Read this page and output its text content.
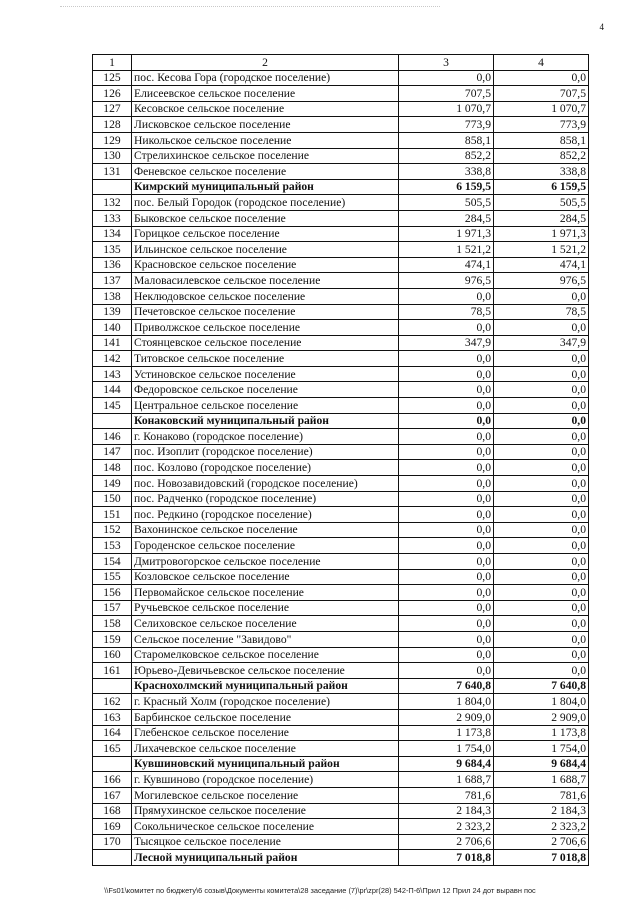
4
1	2	3	4
125	пос. Кесова Гора (городское поселение)	0,0	0,0
126	Елисеевское сельское поселение	707,5	707,5
127	Кесовское сельское поселение	1 070,7	1 070,7
128	Лисковское сельское поселение	773,9	773,9
129	Никольское сельское поселение	858,1	858,1
130	Стрелихинское сельское поселение	852,2	852,2
131	Феневское сельское поселение	338,8	338,8
	Кимрский муниципальный район	6 159,5	6 159,5
132	пос. Белый Городок (городское поселение)	505,5	505,5
133	Быковское сельское поселение	284,5	284,5
134	Горицкое сельское поселение	1 971,3	1 971,3
135	Ильинское сельское поселение	1 521,2	1 521,2
136	Красновское сельское поселение	474,1	474,1
137	Маловасилевское сельское поселение	976,5	976,5
138	Неклюдовское сельское поселение	0,0	0,0
139	Печетовское сельское поселение	78,5	78,5
140	Приволжское сельское поселение	0,0	0,0
141	Стоянцевское сельское поселение	347,9	347,9
142	Титовское сельское поселение	0,0	0,0
143	Устиновское сельское поселение	0,0	0,0
144	Федоровское сельское поселение	0,0	0,0
145	Центральное сельское поселение	0,0	0,0
	Конаковский муниципальный район	0,0	0,0
146	г. Конаково (городское поселение)	0,0	0,0
147	пос. Изоплит (городское поселение)	0,0	0,0
148	пос. Козлово (городское поселение)	0,0	0,0
149	пос. Новозавидовский (городское поселение)	0,0	0,0
150	пос. Радченко (городское поселение)	0,0	0,0
151	пос. Редкино (городское поселение)	0,0	0,0
152	Вахонинское сельское поселение	0,0	0,0
153	Городенское сельское поселение	0,0	0,0
154	Дмитровогорское сельское поселение	0,0	0,0
155	Козловское сельское поселение	0,0	0,0
156	Первомайское сельское поселение	0,0	0,0
157	Ручьевское сельское поселение	0,0	0,0
158	Селиховское сельское поселение	0,0	0,0
159	Сельское поселение "Завидово"	0,0	0,0
160	Старомелковское сельское поселение	0,0	0,0
161	Юрьево-Девичьевское сельское поселение	0,0	0,0
	Краснохолмский муниципальный район	7 640,8	7 640,8
162	г. Красный Холм (городское поселение)	1 804,0	1 804,0
163	Барбинское сельское поселение	2 909,0	2 909,0
164	Глебенское сельское поселение	1 173,8	1 173,8
165	Лихачевское сельское поселение	1 754,0	1 754,0
	Кувшиновский муниципальный район	9 684,4	9 684,4
166	г. Кувшиново (городское поселение)	1 688,7	1 688,7
167	Могилевское сельское поселение	781,6	781,6
168	Прямухинское сельское поселение	2 184,3	2 184,3
169	Сокольническое сельское поселение	2 323,2	2 323,2
170	Тысяцкое сельское поселение	2 706,6	2 706,6
	Лесной муниципальный район	7 018,8	7 018,8
\\Fs01\комитет по бюджету\6 созыв\Документы комитета\28 заседание (7)\pr\zpr(28) 542-П-6\Прил 12 Прил 24 дот выравн пос
